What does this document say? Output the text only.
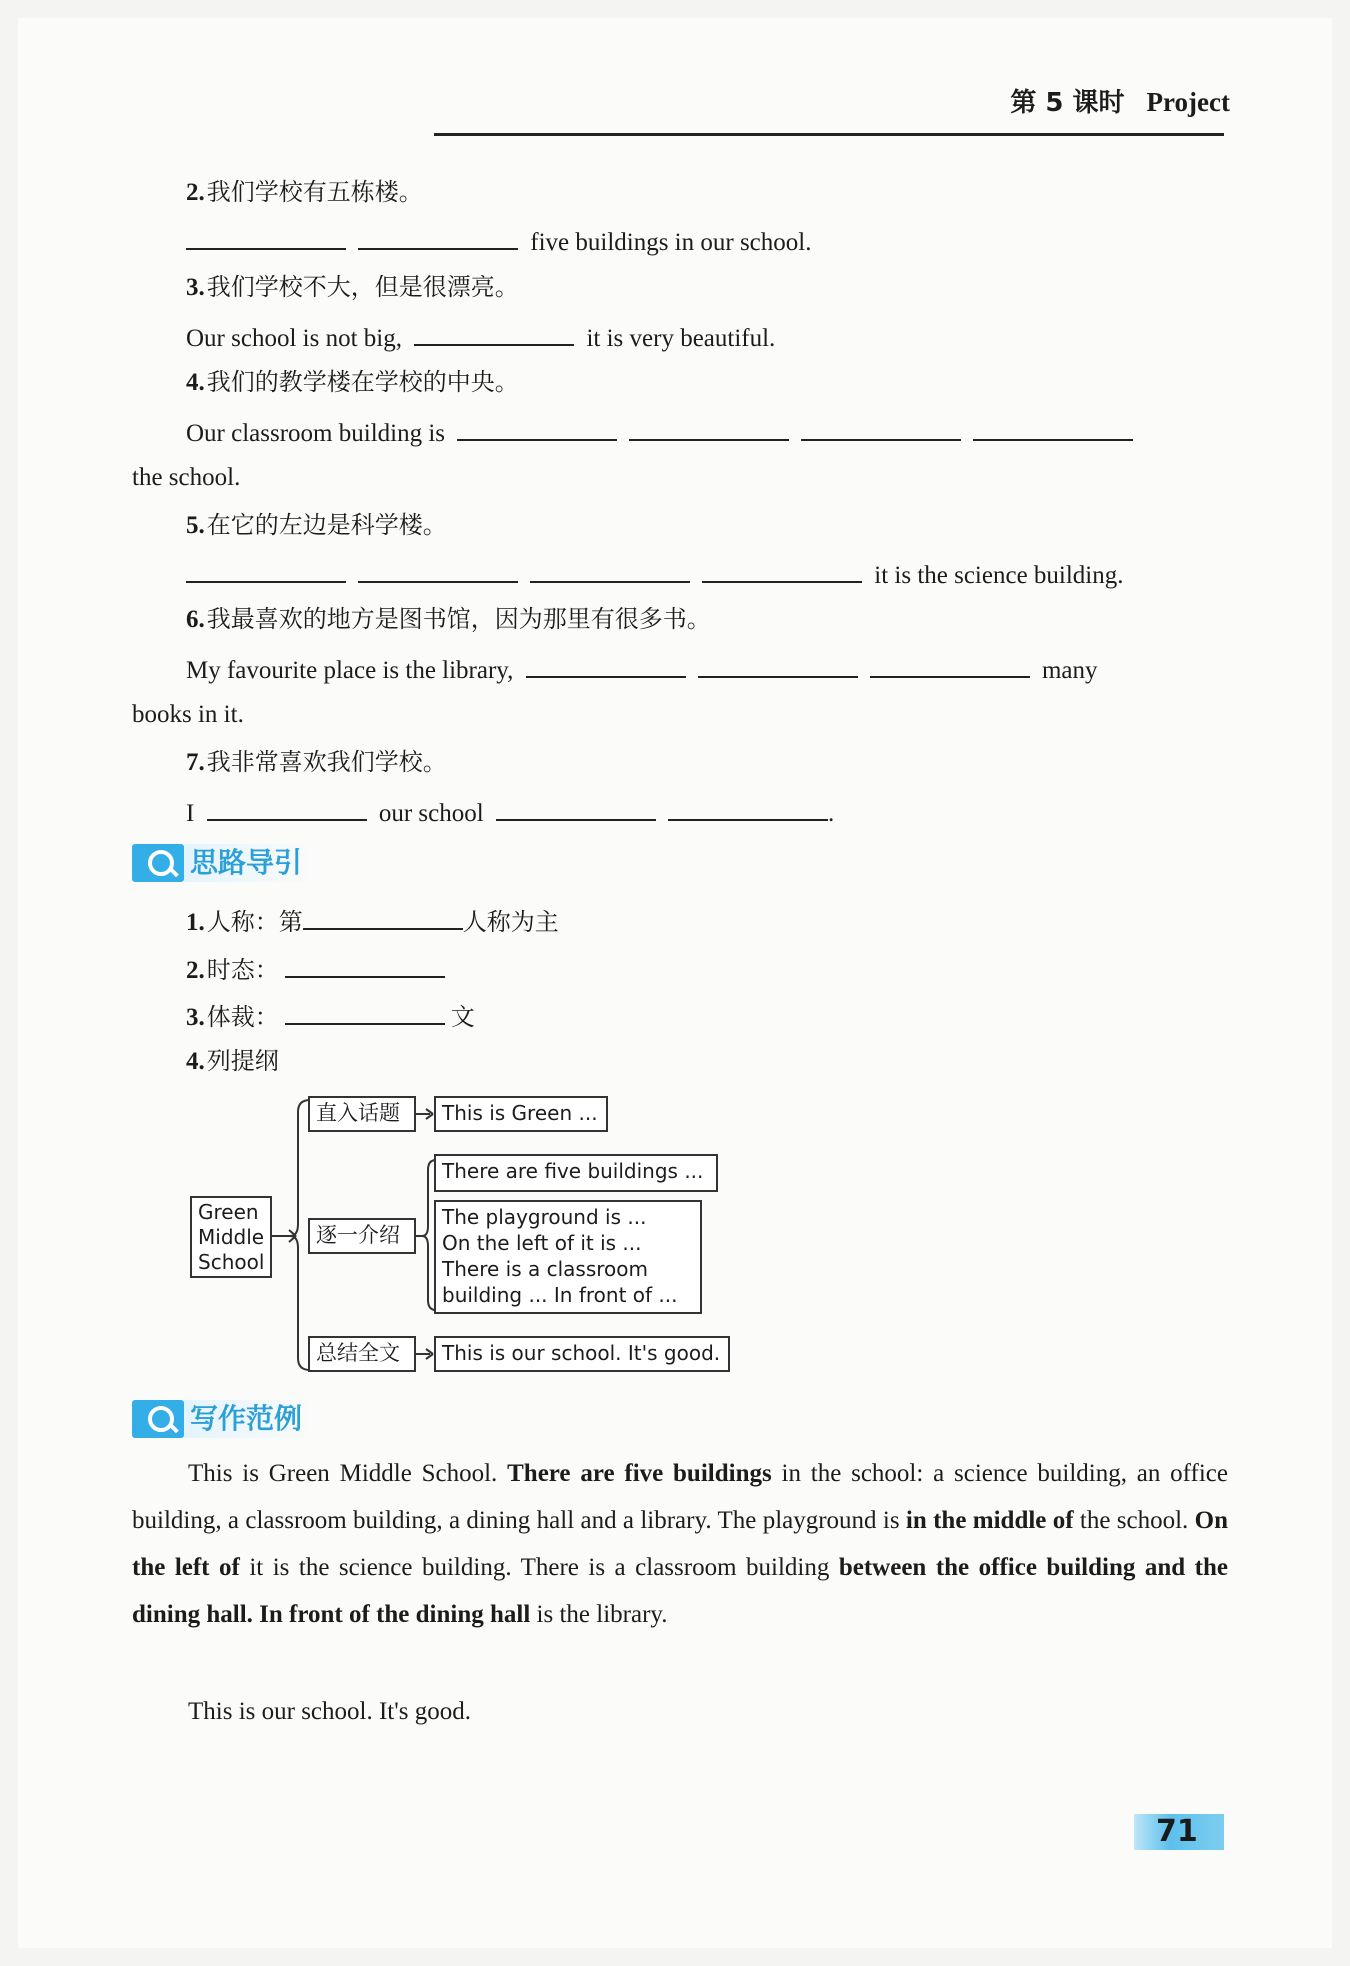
第 5 课时 Project
2.我们学校有五栋楼。
five buildings in our school.
3.我们学校不大，但是很漂亮。
Our school is not big,	it is very beautiful.
4.我们的教学楼在学校的中央。
Our classroom building is
the school.
5.在它的左边是科学楼。
it is the science building.
6.我最喜欢的地方是图书馆，因为那里有很多书。
My favourite place is the library,	many
books in it.
7.我非常喜欢我们学校。
I	our school	.
思路导引
1.人称：第	人称为主
2.时态：
3.体裁：	文
4.列提纲
Green
Middle
School
直入话题	This is Green ...
逐一介绍
There are five buildings ...
The playground is ...
On the left of it is ...
There is a classroom
building ... In front of ...
总结全文	This is our school. It's good.
写作范例
This is Green Middle School. There are five buildings in the school: a science building, an office building, a classroom building, a dining hall and a library. The playground is in the middle of the school. On the left of it is the science building. There is a classroom building between the office building and the dining hall. In front of the dining hall is the library.
This is our school. It's good.
71
